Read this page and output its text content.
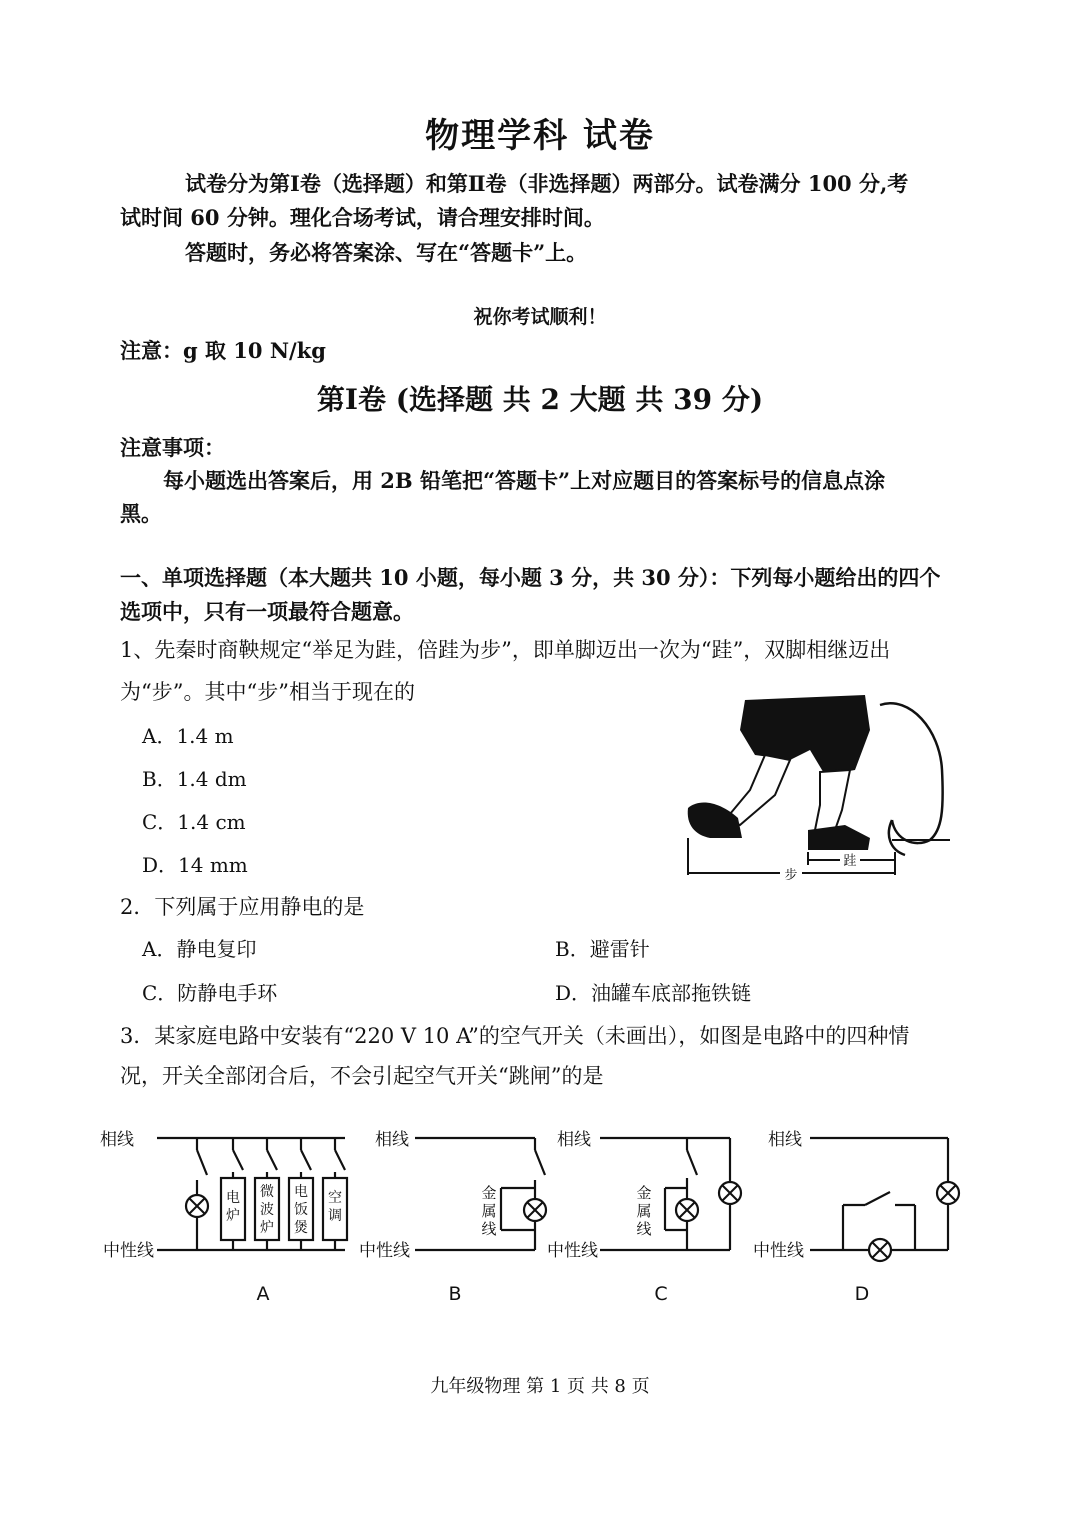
物理学科 试卷
试卷分为第Ⅰ卷（选择题）和第Ⅱ卷（非选择题）两部分。试卷满分 100 分,考
试时间 60 分钟。理化合场考试，请合理安排时间。
答题时，务必将答案涂、写在“答题卡”上。
祝你考试顺利！
注意：g 取 10 N/kg
第Ⅰ卷 (选择题 共 2 大题 共 39 分)
注意事项：
每小题选出答案后，用 2B 铅笔把“答题卡”上对应题目的答案标号的信息点涂
黑。
一、单项选择题（本大题共 10 小题，每小题 3 分，共 30 分）：下列每小题给出的四个
选项中，只有一项最符合题意。
1、先秦时商鞅规定“举足为跬，倍跬为步”，即单脚迈出一次为“跬”，双脚相继迈出
为“步”。其中“步”相当于现在的
A．1.4 m
B．1.4 dm
C．1.4 cm
D．14 mm	步
跬
2．下列属于应用静电的是
A．静电复印	B．避雷针
C．防静电手环	D．油罐车底部拖铁链
3．某家庭电路中安装有“220 V 10 A”的空气开关（未画出），如图是电路中的四种情
况，开关全部闭合后，不会引起空气开关“跳闸”的是
相线
中性线
电
炉
微
波
炉
电
饭
煲
空
调
相线
中性线
金
属
线
相线
中性线
金
属
线
相线
中性线
A	B	C	D
九年级物理 第 1 页 共 8 页
